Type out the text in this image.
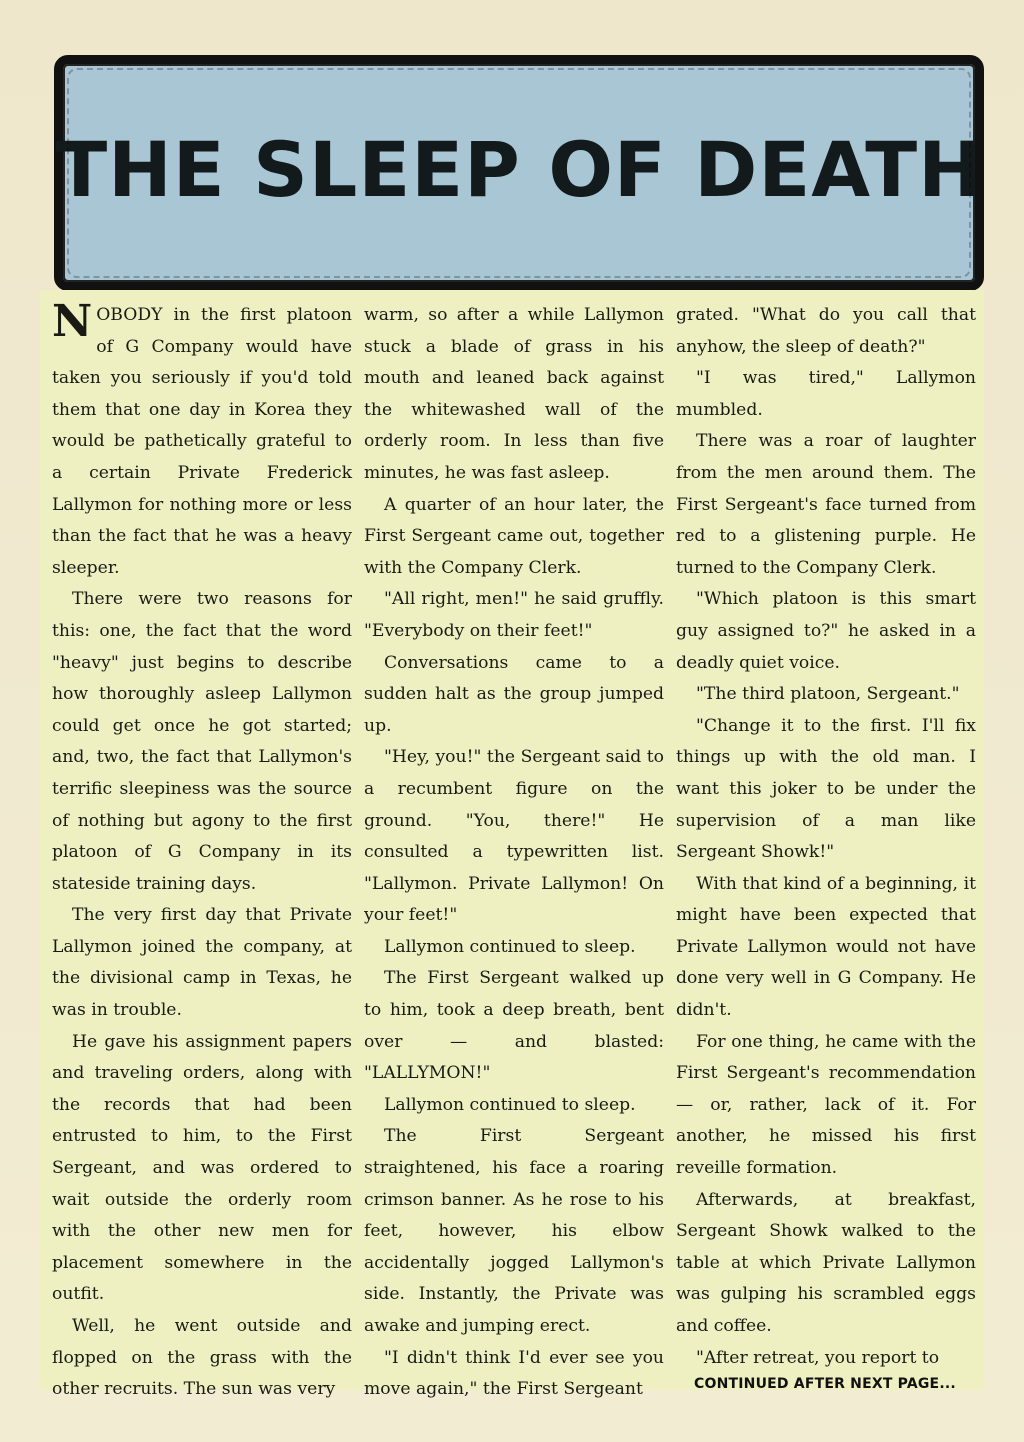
THE SLEEP OF DEATH

NOBODY in the first platoon of G Company would have taken you seriously if you'd told them that one day in Korea they would be pathetically grateful to a certain Private Frederick Lallymon for nothing more or less than the fact that he was a heavy sleeper.

There were two reasons for this: one, the fact that the word "heavy" just begins to describe how thoroughly asleep Lallymon could get once he got started; and, two, the fact that Lallymon's terrific sleepiness was the source of nothing but agony to the first platoon of G Company in its stateside training days.

The very first day that Private Lallymon joined the company, at the divisional camp in Texas, he was in trouble.

He gave his assignment papers and traveling orders, along with the records that had been entrusted to him, to the First Sergeant, and was ordered to wait outside the orderly room with the other new men for placement somewhere in the outfit.

Well, he went outside and flopped on the grass with the other recruits. The sun was very

warm, so after a while Lallymon stuck a blade of grass in his mouth and leaned back against the whitewashed wall of the orderly room. In less than five minutes, he was fast asleep.

A quarter of an hour later, the First Sergeant came out, together with the Company Clerk.

"All right, men!" he said gruffly. "Everybody on their feet!"

Conversations came to a sudden halt as the group jumped up.

"Hey, you!" the Sergeant said to a recumbent figure on the ground. "You, there!" He consulted a typewritten list. "Lallymon. Private Lallymon! On your feet!"

Lallymon continued to sleep.

The First Sergeant walked up to him, took a deep breath, bent over — and blasted: "LALLYMON!"

Lallymon continued to sleep.

The First Sergeant straightened, his face a roaring crimson banner. As he rose to his feet, however, his elbow accidentally jogged Lallymon's side. Instantly, the Private was awake and jumping erect.

"I didn't think I'd ever see you move again," the First Sergeant

grated. "What do you call that anyhow, the sleep of death?"

"I was tired," Lallymon mumbled.

There was a roar of laughter from the men around them. The First Sergeant's face turned from red to a glistening purple. He turned to the Company Clerk.

"Which platoon is this smart guy assigned to?" he asked in a deadly quiet voice.

"The third platoon, Sergeant."

"Change it to the first. I'll fix things up with the old man. I want this joker to be under the supervision of a man like Sergeant Showk!"

With that kind of a beginning, it might have been expected that Private Lallymon would not have done very well in G Company. He didn't.

For one thing, he came with the First Sergeant's recommendation — or, rather, lack of it. For another, he missed his first reveille formation.

Afterwards, at breakfast, Sergeant Showk walked to the table at which Private Lallymon was gulping his scrambled eggs and coffee.

"After retreat, you report to

CONTINUED AFTER NEXT PAGE...
